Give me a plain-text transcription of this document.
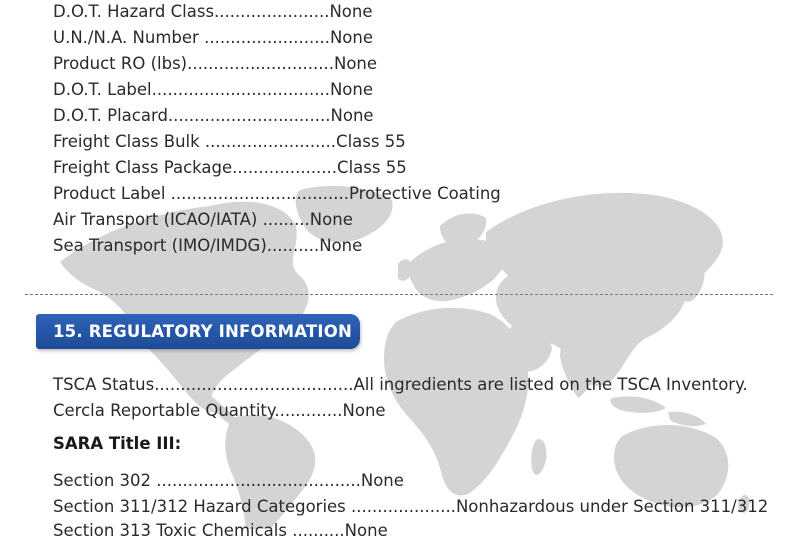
D.O.T. Hazard Class......................None
U.N./N.A. Number ........................None
Product RO (lbs)............................None
D.O.T. Label..................................None
D.O.T. Placard...............................None
Freight Class Bulk .........................Class 55
Freight Class Package....................Class 55
Product Label ..................................Protective Coating
Air Transport (ICAO/IATA) .........None
Sea Transport (IMO/IMDG)..........None
15. REGULATORY INFORMATION
TSCA Status......................................All ingredients are listed on the TSCA Inventory.
Cercla Reportable Quantity.............None
SARA Title III:
Section 302 .......................................None
Section 311/312 Hazard Categories ....................Nonhazardous under Section 311/312
Section 313 Toxic Chemicals ..........None
